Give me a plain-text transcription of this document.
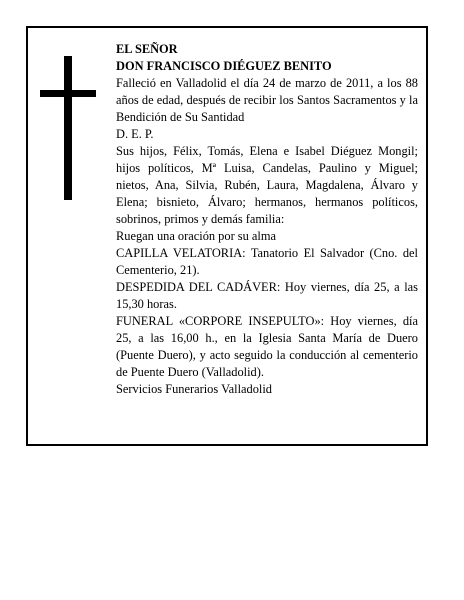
EL SEÑOR

DON FRANCISCO DIÉGUEZ BENITO

Falleció en Valladolid el día 24 de marzo de 2011, a los 88 años de edad, después de recibir los Santos Sacramentos y la Bendición de Su Santidad

D. E. P.

Sus hijos, Félix, Tomás, Elena e Isabel Diéguez Mongil; hijos políticos, Mª Luisa, Candelas, Paulino y Miguel; nietos, Ana, Silvia, Rubén, Laura, Magdalena, Álvaro y Elena; bisnieto, Álvaro; hermanos, hermanos políticos, sobrinos, primos y demás familia:

Ruegan una oración por su alma

CAPILLA VELATORIA: Tanatorio El Salvador (Cno. del Cementerio, 21).

DESPEDIDA DEL CADÁVER: Hoy viernes, día 25, a las 15,30 horas.

FUNERAL «CORPORE INSEPULTO»: Hoy viernes, día 25, a las 16,00 h., en la Iglesia Santa María de Duero (Puente Duero), y acto seguido la conducción al cementerio de Puente Duero (Valladolid).

Servicios Funerarios Valladolid
